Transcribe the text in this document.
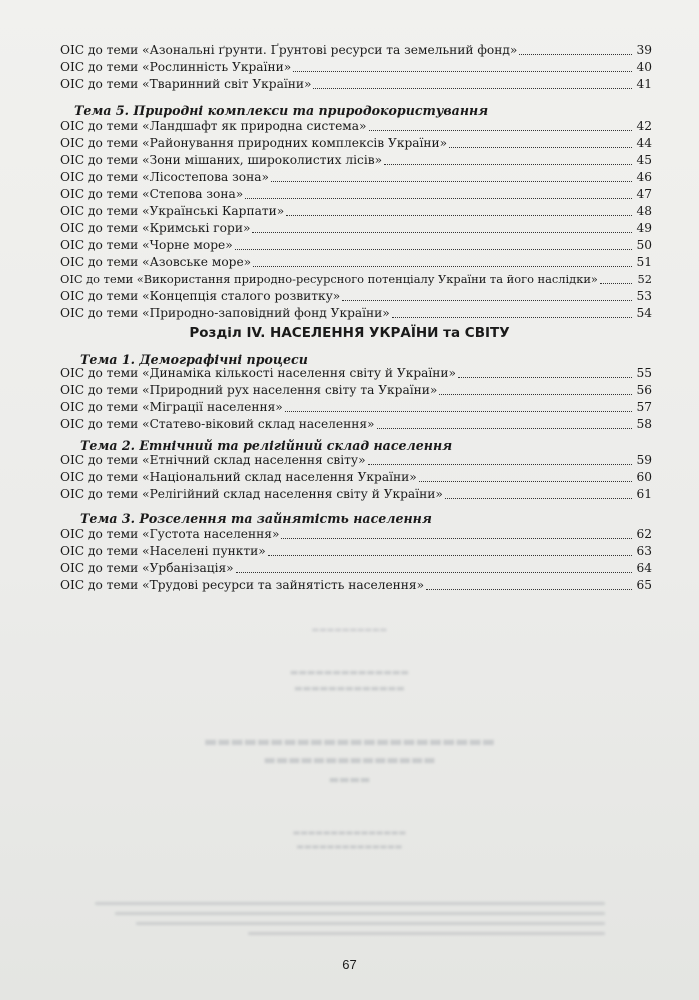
ОІС до теми «Азональні ґрунти. Ґрунтові ресурси та земельний фонд»	39
ОІС до теми «Рослинність України»	40
ОІС до теми «Тваринний світ України»	41
Тема 5. Природні комплекси та природокористування
ОІС до теми «Ландшафт як природна система»	42
ОІС до теми «Районування природних комплексів України»	44
ОІС до теми «Зони мішаних, широколистих лісів»	45
ОІС до теми «Лісостепова зона»	46
ОІС до теми «Степова зона»	47
ОІС до теми «Українські Карпати»	48
ОІС до теми «Кримські гори»	49
ОІС до теми «Чорне море»	50
ОІС до теми «Азовське море»	51
ОІС до теми «Використання природно-ресурсного потенціалу України та його наслідки»	52
ОІС до теми «Концепція сталого розвитку»	53
ОІС до теми «Природно-заповідний фонд України»	54
Розділ IV. НАСЕЛЕННЯ УКРАЇНИ та СВІТУ
Тема 1. Демографічні процеси
ОІС до теми «Динаміка кількості населення світу й України»	55
ОІС до теми «Природний рух населення світу та України»	56
ОІС до теми «Міграції населення»	57
ОІС до теми «Статево-віковий склад населення»	58
Тема 2. Етнічний та релігійний склад населення
ОІС до теми «Етнічний склад населення світу»	59
ОІС до теми «Національний склад населення України»	60
ОІС до теми «Релігійний склад населення світу й України»	61
Тема 3. Розселення та зайнятість населення
ОІС до теми «Густота населення»	62
ОІС до теми «Населені пункти»	63
ОІС до теми «Урбанізація»	64
ОІС до теми «Трудові ресурси та зайнятість населення»	65
▬▬▬▬▬▬▬▬▬▬
▬▬▬▬▬▬▬▬▬▬▬▬▬▬
▬▬▬▬▬▬▬▬▬▬▬▬▬
▬▬▬▬▬▬▬▬▬▬▬▬▬▬▬▬▬▬▬▬▬▬
▬▬▬▬▬▬▬▬▬▬▬▬▬▬
▬▬▬▬
▬▬▬▬▬▬▬▬▬▬▬▬▬▬▬
▬▬▬▬▬▬▬▬▬▬▬▬▬▬
67
